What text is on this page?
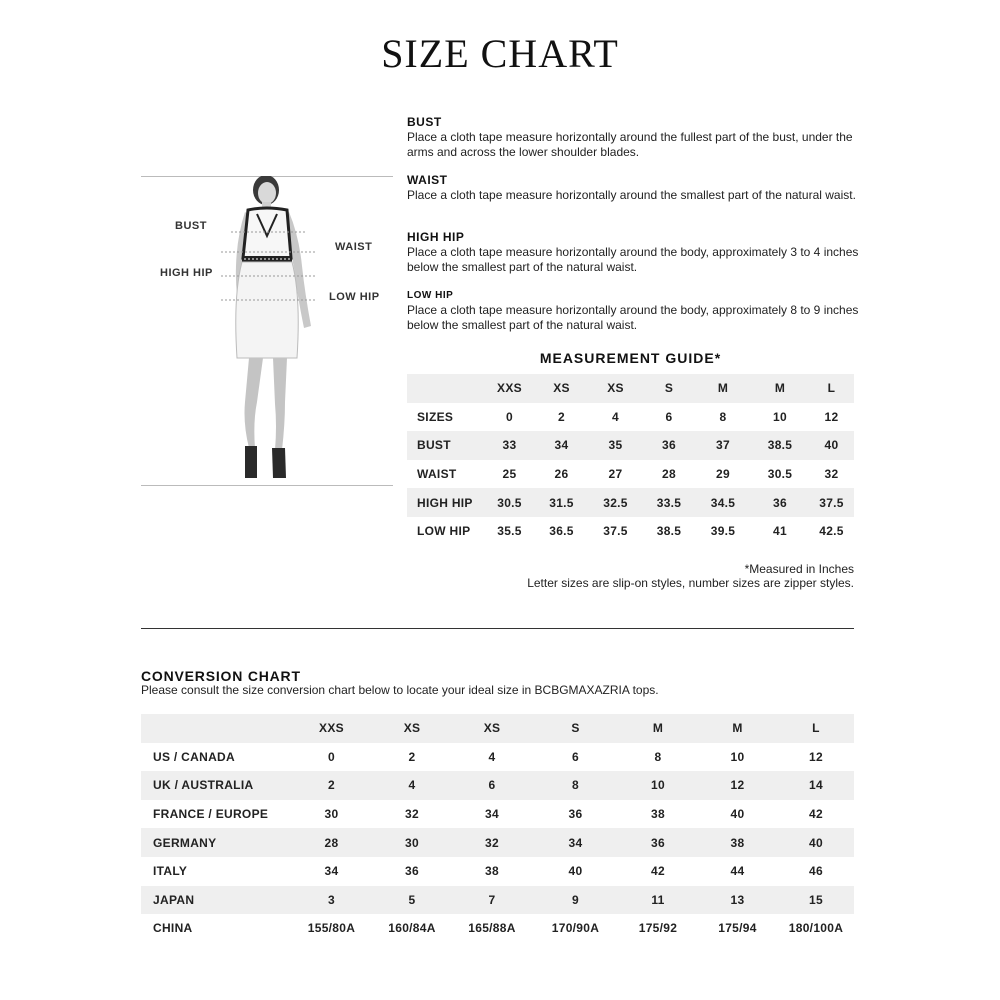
SIZE CHART
BUST
WAIST
HIGH HIP
LOW HIP
BUST
Place a cloth tape measure horizontally around the fullest part of the bust, under the arms and across the lower shoulder blades.
WAIST
Place a cloth tape measure horizontally around the smallest part of the natural waist.
HIGH HIP
Place a cloth tape measure horizontally around the body, approximately 3 to 4 inches below the smallest part of the natural waist.
LOW HIP
Place a cloth tape measure horizontally around the body, approximately 8 to 9 inches below the smallest part of the natural waist.
MEASUREMENT GUIDE*
	XXS	XS	XS	S	M	M	L
SIZES	0	2	4	6	8	10	12
BUST	33	34	35	36	37	38.5	40
WAIST	25	26	27	28	29	30.5	32
HIGH HIP	30.5	31.5	32.5	33.5	34.5	36	37.5
LOW HIP	35.5	36.5	37.5	38.5	39.5	41	42.5
*Measured in Inches
Letter sizes are slip-on styles, number sizes are zipper styles.
CONVERSION CHART
Please consult the size conversion chart below to locate your ideal size in BCBGMAXAZRIA tops.
	XXS	XS	XS	S	M	M	L
US / CANADA	0	2	4	6	8	10	12
UK / AUSTRALIA	2	4	6	8	10	12	14
FRANCE / EUROPE	30	32	34	36	38	40	42
GERMANY	28	30	32	34	36	38	40
ITALY	34	36	38	40	42	44	46
JAPAN	3	5	7	9	11	13	15
CHINA	155/80A	160/84A	165/88A	170/90A	175/92	175/94	180/100A
